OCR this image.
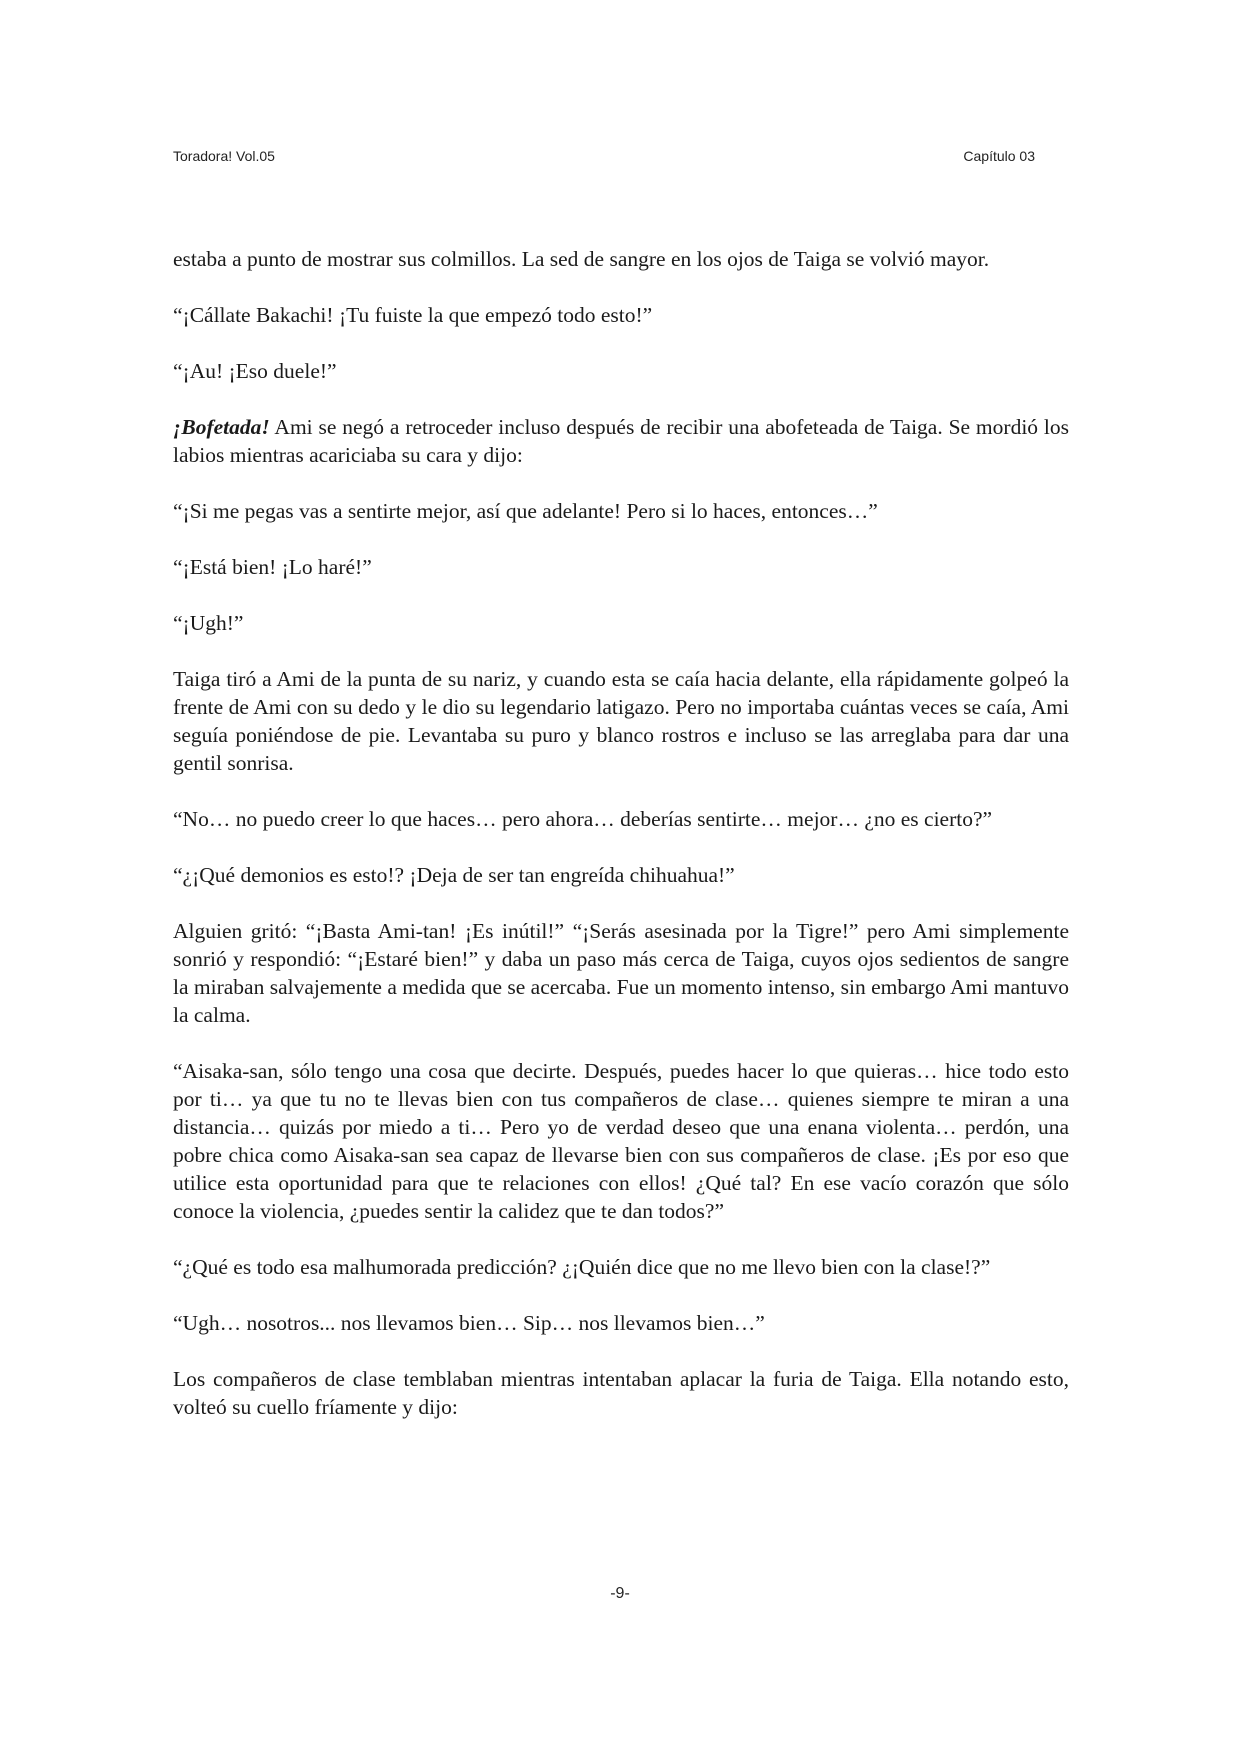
Toradora! Vol.05	Capítulo 03

estaba a punto de mostrar sus colmillos. La sed de sangre en los ojos de Taiga se volvió mayor.

“¡Cállate Bakachi! ¡Tu fuiste la que empezó todo esto!”

“¡Au! ¡Eso duele!”

¡Bofetada! Ami se negó a retroceder incluso después de recibir una abofeteada de Taiga. Se mordió los labios mientras acariciaba su cara y dijo:

“¡Si me pegas vas a sentirte mejor, así que adelante! Pero si lo haces, entonces…”

“¡Está bien! ¡Lo haré!”

“¡Ugh!”

Taiga tiró a Ami de la punta de su nariz, y cuando esta se caía hacia delante, ella rápidamente golpeó la frente de Ami con su dedo y le dio su legendario latigazo. Pero no importaba cuántas veces se caía, Ami seguía poniéndose de pie. Levantaba su puro y blanco rostros e incluso se las arreglaba para dar una gentil sonrisa.

“No… no puedo creer lo que haces… pero ahora… deberías sentirte… mejor… ¿no es cierto?”

“¿¡Qué demonios es esto!? ¡Deja de ser tan engreída chihuahua!”

Alguien gritó: “¡Basta Ami-tan! ¡Es inútil!” “¡Serás asesinada por la Tigre!” pero Ami simplemente sonrió y respondió: “¡Estaré bien!” y daba un paso más cerca de Taiga, cuyos ojos sedientos de sangre la miraban salvajemente a medida que se acercaba. Fue un momento intenso, sin embargo Ami mantuvo la calma.

“Aisaka-san, sólo tengo una cosa que decirte. Después, puedes hacer lo que quieras… hice todo esto por ti… ya que tu no te llevas bien con tus compañeros de clase… quienes siempre te miran a una distancia… quizás por miedo a ti… Pero yo de verdad deseo que una enana violenta… perdón, una pobre chica como Aisaka-san sea capaz de llevarse bien con sus compañeros de clase. ¡Es por eso que utilice esta oportunidad para que te relaciones con ellos! ¿Qué tal? En ese vacío corazón que sólo conoce la violencia, ¿puedes sentir la calidez que te dan todos?”

“¿Qué es todo esa malhumorada predicción? ¿¡Quién dice que no me llevo bien con la clase!?”

“Ugh… nosotros... nos llevamos bien… Sip… nos llevamos bien…”

Los compañeros de clase temblaban mientras intentaban aplacar la furia de Taiga. Ella notando esto, volteó su cuello fríamente y dijo:

-9-
